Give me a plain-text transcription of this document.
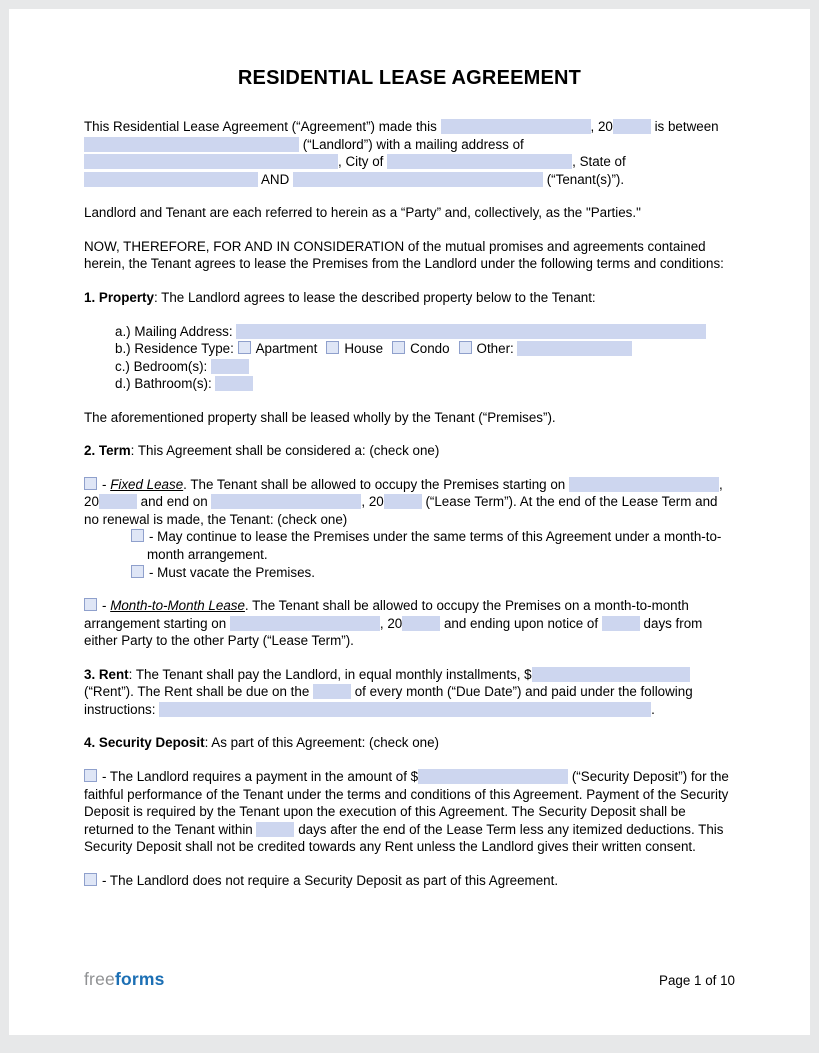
RESIDENTIAL LEASE AGREEMENT

This Residential Lease Agreement (“Agreement”) made this	, 20	is between  (“Landlord”) with a mailing address of , City of	, State of  AND	(“Tenant(s)”).

Landlord and Tenant are each referred to herein as a “Party” and, collectively, as the "Parties."

NOW, THEREFORE, FOR AND IN CONSIDERATION of the mutual promises and agreements contained herein, the Tenant agrees to lease the Premises from the Landlord under the following terms and conditions:

1. Property: The Landlord agrees to lease the described property below to the Tenant:

a.) Mailing Address:
b.) Residence Type: Apartment House Condo Other:
c.) Bedroom(s):
d.) Bathroom(s):

The aforementioned property shall be leased wholly by the Tenant (“Premises”).

2. Term: This Agreement shall be considered a: (check one)

- Fixed Lease. The Tenant shall be allowed to occupy the Premises starting on	, 20	and end on	, 20	(“Lease Term”). At the end of the Lease Term and no renewal is made, the Tenant: (check one)

- May continue to lease the Premises under the same terms of this Agreement under a month-to-month arrangement.

- Must vacate the Premises.

- Month-to-Month Lease. The Tenant shall be allowed to occupy the Premises on a month-to-month arrangement starting on	, 20	and ending upon notice of	days from either Party to the other Party (“Lease Term”).

3. Rent: The Tenant shall pay the Landlord, in equal monthly installments, $ (“Rent”). The Rent shall be due on the	of every month (“Due Date”) and paid under the following instructions:	.

4. Security Deposit: As part of this Agreement: (check one)

- The Landlord requires a payment in the amount of $	(“Security Deposit”) for the faithful performance of the Tenant under the terms and conditions of this Agreement. Payment of the Security Deposit is required by the Tenant upon the execution of this Agreement. The Security Deposit shall be returned to the Tenant within	days after the end of the Lease Term less any itemized deductions. This Security Deposit shall not be credited towards any Rent unless the Landlord gives their written consent.

- The Landlord does not require a Security Deposit as part of this Agreement.

freeforms	Page 1 of 10
